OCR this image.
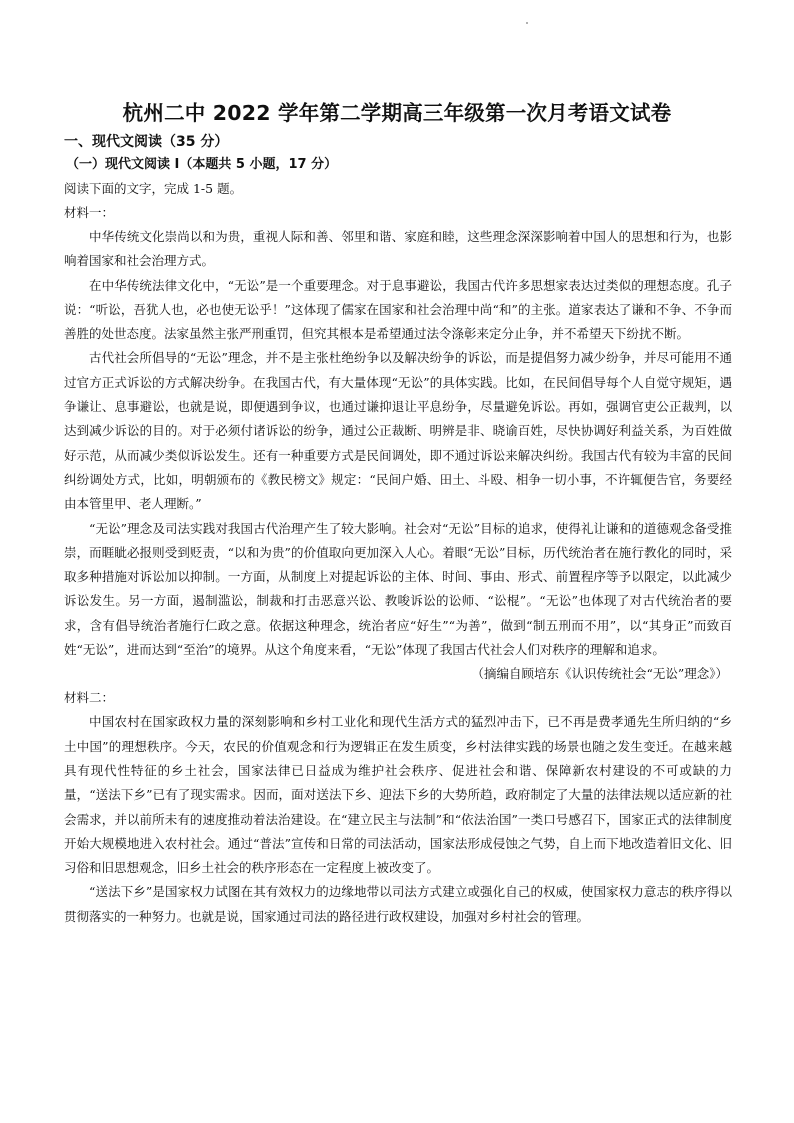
杭州二中 2022 学年第二学期高三年级第一次月考语文试卷

一、现代文阅读（35 分）

（一）现代文阅读 I（本题共 5 小题，17 分）

阅读下面的文字，完成 1-5 题。

材料一：

中华传统文化崇尚以和为贵，重视人际和善、邻里和谐、家庭和睦，这些理念深深影响着中国人的思想和行为，也影响着国家和社会治理方式。

在中华传统法律文化中，“无讼”是一个重要理念。对于息事避讼，我国古代许多思想家表达过类似的理想态度。孔子说：“听讼，吾犹人也，必也使无讼乎！”这体现了儒家在国家和社会治理中尚“和”的主张。道家表达了谦和不争、不争而善胜的处世态度。法家虽然主张严刑重罚，但究其根本是希望通过法令涤彰来定分止争，并不希望天下纷扰不断。

古代社会所倡导的“无讼”理念，并不是主张杜绝纷争以及解决纷争的诉讼，而是提倡努力减少纷争，并尽可能用不通过官方正式诉讼的方式解决纷争。在我国古代，有大量体现“无讼”的具体实践。比如，在民间倡导每个人自觉守规矩，遇争谦让、息事避讼，也就是说，即便遇到争议，也通过谦抑退让平息纷争，尽量避免诉讼。再如，强调官吏公正裁判，以达到减少诉讼的目的。对于必须付诸诉讼的纷争，通过公正裁断、明辨是非、晓谕百姓，尽快协调好利益关系，为百姓做好示范，从而减少类似诉讼发生。还有一种重要方式是民间调处，即不通过诉讼来解决纠纷。我国古代有较为丰富的民间纠纷调处方式，比如，明朝颁布的《教民榜文》规定：“民间户婚、田土、斗殴、相争一切小事，不许辄便告官，务要经由本管里甲、老人理断。”

“无讼”理念及司法实践对我国古代治理产生了较大影响。社会对“无讼”目标的追求，使得礼让谦和的道德观念备受推崇，而睚眦必报则受到贬责，“以和为贵”的价值取向更加深入人心。着眼“无讼”目标，历代统治者在施行教化的同时，采取多种措施对诉讼加以抑制。一方面，从制度上对提起诉讼的主体、时间、事由、形式、前置程序等予以限定，以此减少诉讼发生。另一方面，遏制滥讼，制裁和打击恶意兴讼、教唆诉讼的讼师、“讼棍”。“无讼”也体现了对古代统治者的要求，含有倡导统治者施行仁政之意。依据这种理念，统治者应“好生”“为善”，做到“制五刑而不用”，以“其身正”而致百姓“无讼”，进而达到“至治”的境界。从这个角度来看，“无讼”体现了我国古代社会人们对秩序的理解和追求。

（摘编自顾培东《认识传统社会“无讼”理念》）

材料二：

中国农村在国家政权力量的深刻影响和乡村工业化和现代生活方式的猛烈冲击下，已不再是费孝通先生所归纳的“乡土中国”的理想秩序。今天，农民的价值观念和行为逻辑正在发生质变，乡村法律实践的场景也随之发生变迁。在越来越具有现代性特征的乡土社会，国家法律已日益成为维护社会秩序、促进社会和谐、保障新农村建设的不可或缺的力量，“送法下乡”已有了现实需求。因而，面对送法下乡、迎法下乡的大势所趋，政府制定了大量的法律法规以适应新的社会需求，并以前所未有的速度推动着法治建设。在“建立民主与法制”和“依法治国”一类口号感召下，国家正式的法律制度开始大规模地进入农村社会。通过“普法”宣传和日常的司法活动，国家法形成侵蚀之气势，自上而下地改造着旧文化、旧习俗和旧思想观念，旧乡土社会的秩序形态在一定程度上被改变了。

“送法下乡”是国家权力试图在其有效权力的边缘地带以司法方式建立或强化自己的权威，使国家权力意志的秩序得以贯彻落实的一种努力。也就是说，国家通过司法的路径进行政权建设，加强对乡村社会的管理。
